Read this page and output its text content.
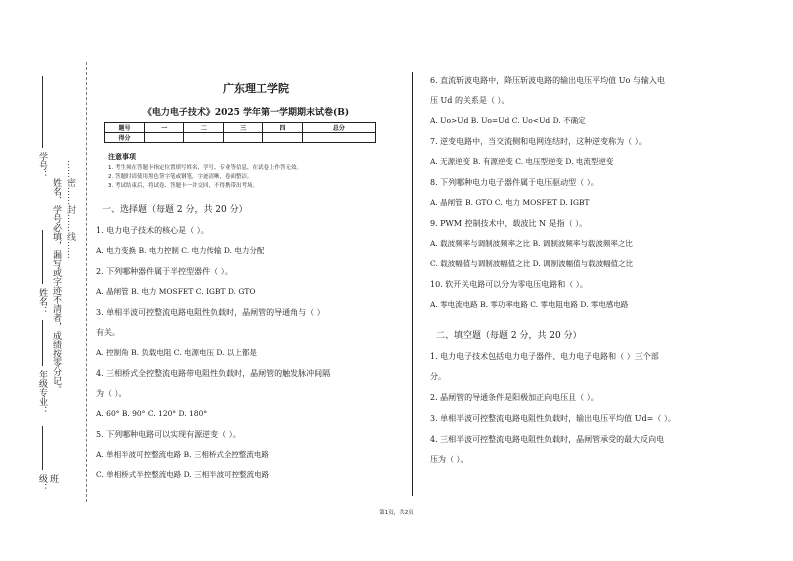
学号：
姓名、学号必填，漏写或字迹不清者，成绩按零分记。 ……密……封……线……
姓名：
年级专业：
班级：
广东理工学院
《电力电子技术》2025 学年第一学期期末试卷(B)
题号	一	二	三	四	总分
得分					
注意事项
1. 考生须在答题卡指定位置填写姓名、学号、专业等信息，在试卷上作答无效。
2. 答题时请使用黑色签字笔或钢笔，字迹清晰，卷面整洁。
3. 考试结束后，将试卷、答题卡一并交回，不得携带出考场。
一、选择题（每题 2 分，共 20 分）
1. 电力电子技术的核心是（ ）。
A. 电力变换 B. 电力控制 C. 电力传输 D. 电力分配
2. 下列哪种器件属于半控型器件（ ）。
A. 晶闸管 B. 电力 MOSFET C. IGBT D. GTO
3. 单相半波可控整流电路电阻性负载时，晶闸管的导通角与（ ）
有关。
A. 控制角 B. 负载电阻 C. 电源电压 D. 以上都是
4. 三相桥式全控整流电路带电阻性负载时，晶闸管的触发脉冲间隔
为（ ）。
A. 60° B. 90° C. 120° D. 180°
5. 下列哪种电路可以实现有源逆变（ ）。
A. 单相半波可控整流电路 B. 三相桥式全控整流电路
C. 单相桥式半控整流电路 D. 三相半波可控整流电路
6. 直流斩波电路中，降压斩波电路的输出电压平均值 Uo 与输入电
压 Ud 的关系是（ ）。
A. Uo>Ud B. Uo=Ud C. Uo<Ud D. 不确定
7. 逆变电路中，当交流侧和电网连结时，这种逆变称为（ ）。
A. 无源逆变 B. 有源逆变 C. 电压型逆变 D. 电流型逆变
8. 下列哪种电力电子器件属于电压驱动型（ ）。
A. 晶闸管 B. GTO C. 电力 MOSFET D. IGBT
9. PWM 控制技术中，载波比 N 是指（ ）。
A. 载波频率与调制波频率之比 B. 调制波频率与载波频率之比
C. 载波幅值与调制波幅值之比 D. 调制波幅值与载波幅值之比
10. 软开关电路可以分为零电压电路和（ ）。
A. 零电流电路 B. 零功率电路 C. 零电阻电路 D. 零电感电路
二、填空题（每题 2 分，共 20 分）
1. 电力电子技术包括电力电子器件、电力电子电路和（ ）三个部
分。
2. 晶闸管的导通条件是阳极加正向电压且（ ）。
3. 单相半波可控整流电路电阻性负载时，输出电压平均值 Ud=（ ）。
4. 三相半波可控整流电路电阻性负载时，晶闸管承受的最大反向电
压为（ ）。
第1页，共2页
